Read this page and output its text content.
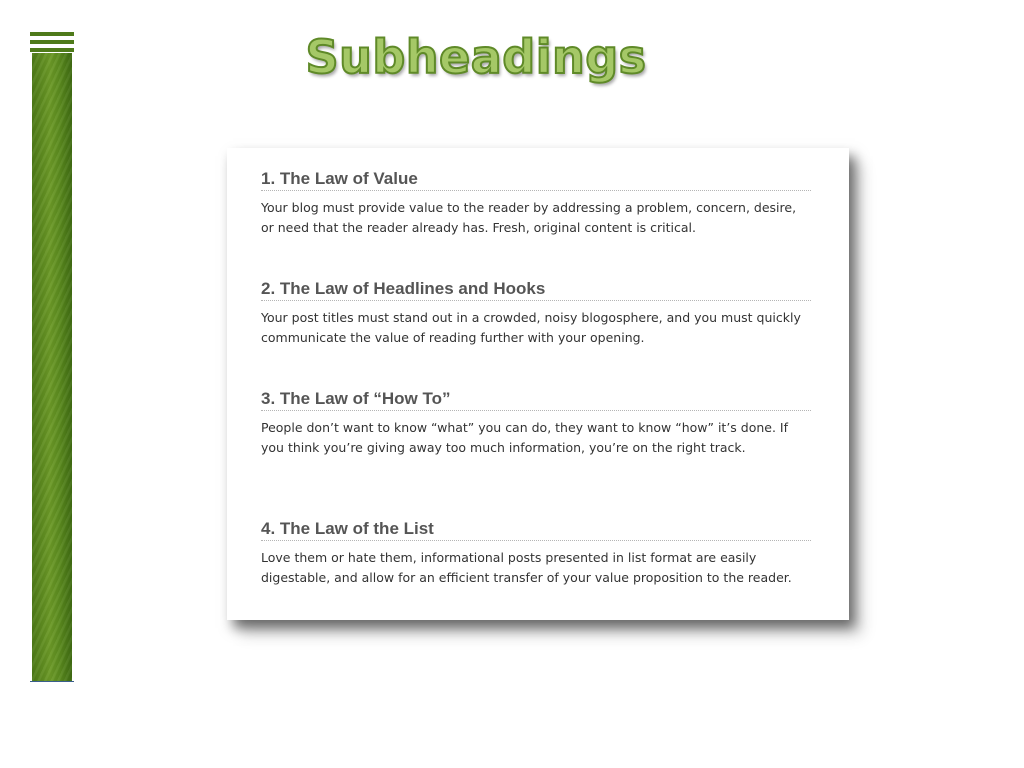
Subheadings
1. The Law of Value

Your blog must provide value to the reader by addressing a problem, concern, desire, or need that the reader already has. Fresh, original content is critical.

2. The Law of Headlines and Hooks

Your post titles must stand out in a crowded, noisy blogosphere, and you must quickly communicate the value of reading further with your opening.

3. The Law of “How To”

People don’t want to know “what” you can do, they want to know “how” it’s done. If you think you’re giving away too much information, you’re on the right track.

4. The Law of the List

Love them or hate them, informational posts presented in list format are easily digestable, and allow for an efficient transfer of your value proposition to the reader.
